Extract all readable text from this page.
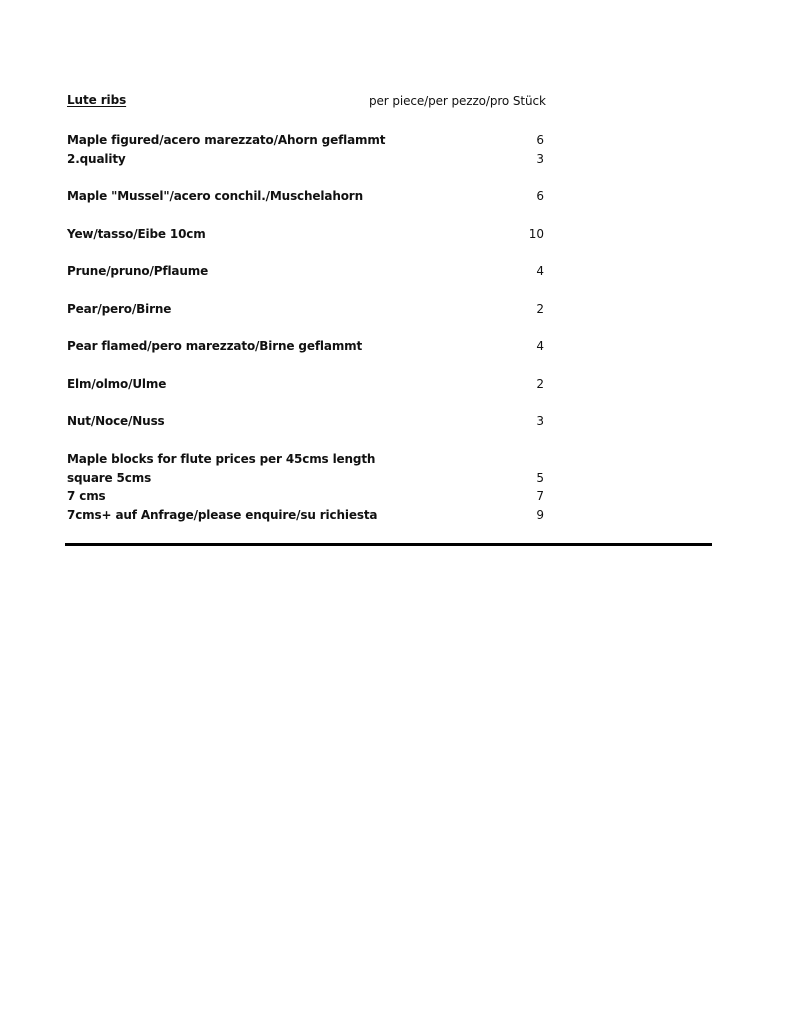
Lute ribs	per piece/per pezzo/pro Stück
Maple figured/acero marezzato/Ahorn geflammt	6
2.quality	3
Maple "Mussel"/acero conchil./Muschelahorn	6
Yew/tasso/Eibe 10cm	10
Prune/pruno/Pflaume	4
Pear/pero/Birne	2
Pear flamed/pero marezzato/Birne geflammt	4
Elm/olmo/Ulme	2
Nut/Noce/Nuss	3
Maple blocks for flute prices per 45cms length
square 5cms	5
7 cms	7
7cms+ auf Anfrage/please enquire/su richiesta	9
